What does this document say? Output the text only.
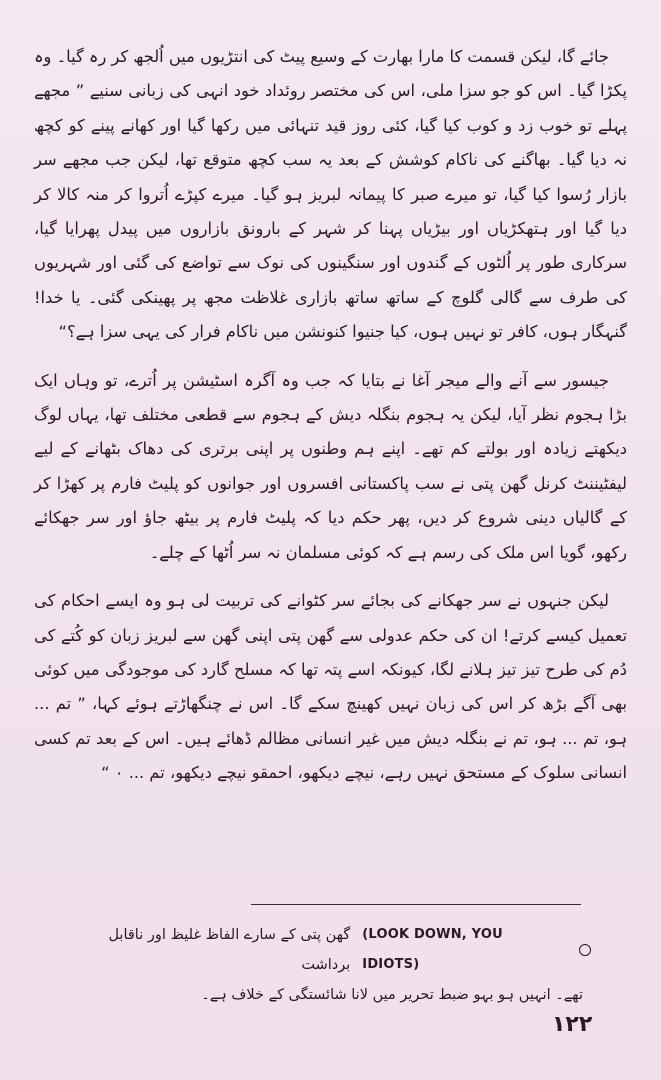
جائے گا، لیکن قسمت کا مارا بھارت کے وسیع پیٹ کی انتڑیوں میں اُلجھ کر رہ گیا۔ وہ پکڑا گیا۔ اس کو جو سزا ملی، اس کی مختصر روئداد خود انہی کی زبانی سنیے ” مجھے پہلے تو خوب زد و کوب کیا گیا، کئی روز قید تنہائی میں رکھا گیا اور کھانے پینے کو کچھ نہ دیا گیا۔ بھاگنے کی ناکام کوشش کے بعد یہ سب کچھ متوقع تھا، لیکن جب مجھے سر بازار رُسوا کیا گیا، تو میرے صبر کا پیمانہ لبریز ہو گیا۔ میرے کپڑے اُتروا کر منہ کالا کر دیا گیا اور ہتھکڑیاں اور بیڑیاں پہنا کر شہر کے بارونق بازاروں میں پیدل پھرایا گیا، سرکاری طور پر اُلٹوں کے گندوں اور سنگینوں کی نوک سے تواضع کی گئی اور شہریوں کی طرف سے گالی گلوچ کے ساتھ ساتھ بازاری غلاظت مجھ پر پھینکی گئی۔ یا خدا! گنہگار ہوں، کافر تو نہیں ہوں، کیا جنیوا کنونشن میں ناکام فرار کی یہی سزا ہے؟“

جیسور سے آنے والے میجر آغا نے بتایا کہ جب وہ آگرہ اسٹیشن پر اُترے، تو وہاں ایک بڑا ہجوم نظر آیا، لیکن یہ ہجوم بنگلہ دیش کے ہجوم سے قطعی مختلف تھا، یہاں لوگ دیکھتے زیادہ اور بولتے کم تھے۔ اپنے ہم وطنوں پر اپنی برتری کی دھاک بٹھانے کے لیے لیفٹیننٹ کرنل گھن پتی نے سب پاکستانی افسروں اور جوانوں کو پلیٹ فارم پر کھڑا کر کے گالیاں دینی شروع کر دیں، پھر حکم دیا کہ پلیٹ فارم پر بیٹھ جاؤ اور سر جھکائے رکھو، گویا اس ملک کی رسم ہے کہ کوئی مسلمان نہ سر اُٹھا کے چلے۔

لیکن جنہوں نے سر جھکانے کی بجائے سر کٹوانے کی تربیت لی ہو وہ ایسے احکام کی تعمیل کیسے کرتے! ان کی حکم عدولی سے گھن پتی اپنی گھن سے لبریز زبان کو کُتے کی دُم کی طرح تیز تیز ہلانے لگا، کیونکہ اسے پتہ تھا کہ مسلح گارد کی موجودگی میں کوئی بھی آگے بڑھ کر اس کی زبان نہیں کھینچ سکے گا۔ اس نے چنگھاڑتے ہوئے کہا، ” تم ... ہو، تم ... ہو، تم نے بنگلہ دیش میں غیر انسانی مظالم ڈھائے ہیں۔ اس کے بعد تم کسی انسانی سلوک کے مستحق نہیں رہے، نیچے دیکھو، احمقو نیچے دیکھو، تم ... ۰ “

(LOOK DOWN, YOU IDIOTS)
گھن پتی کے سارے الفاظ غلیظ اور ناقابل برداشت
تھے۔ انہیں ہو بہو ضبط تحریر میں لانا شائستگی کے خلاف ہے۔
۱۲۲
